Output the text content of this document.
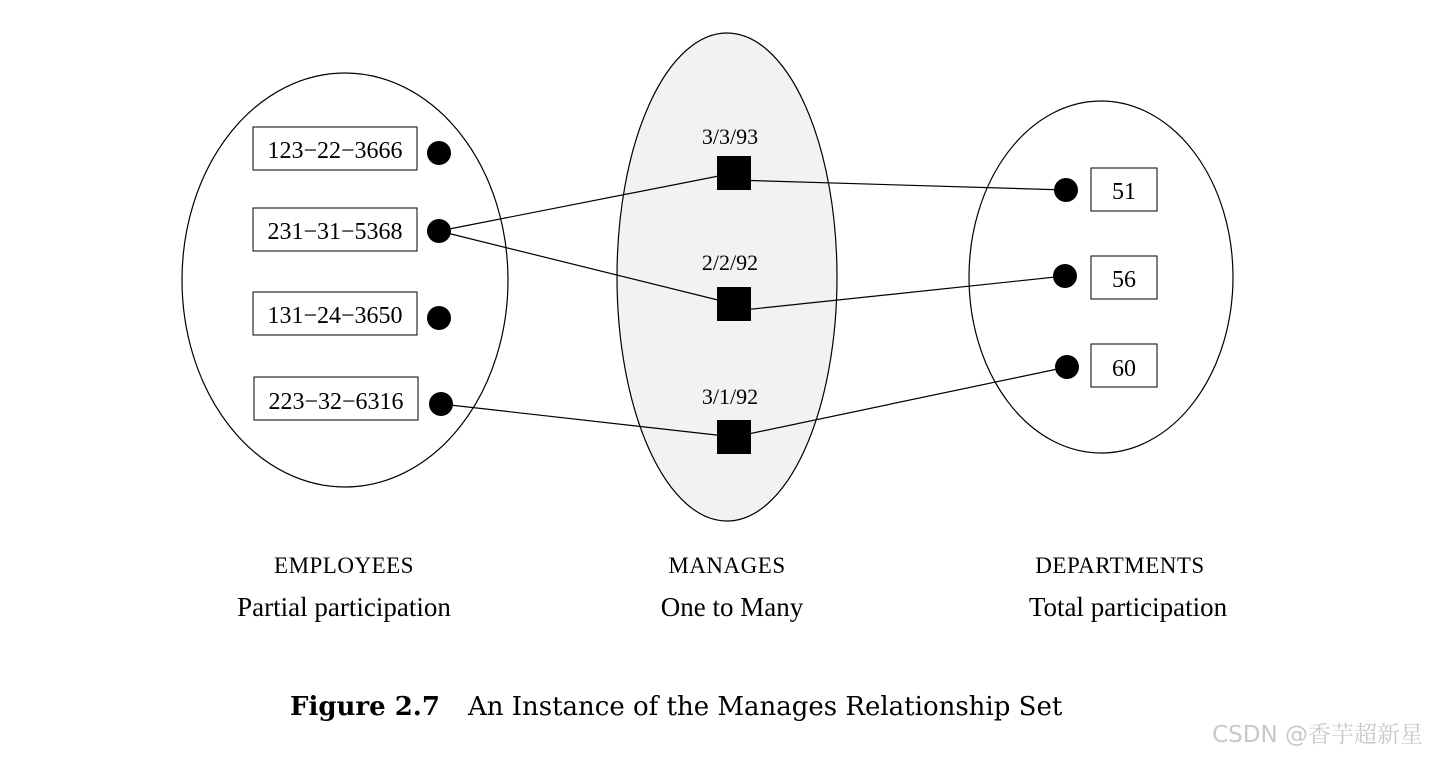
123−22−3666
231−31−5368
131−24−3650
223−32−6316
3/3/93
2/2/92
3/1/92
51
56
60
EMPLOYEES
Partial participation
MANAGES
One to Many
DEPARTMENTS
Total participation
Figure 2.7 An Instance of the Manages Relationship Set
CSDN @香芋超新星
